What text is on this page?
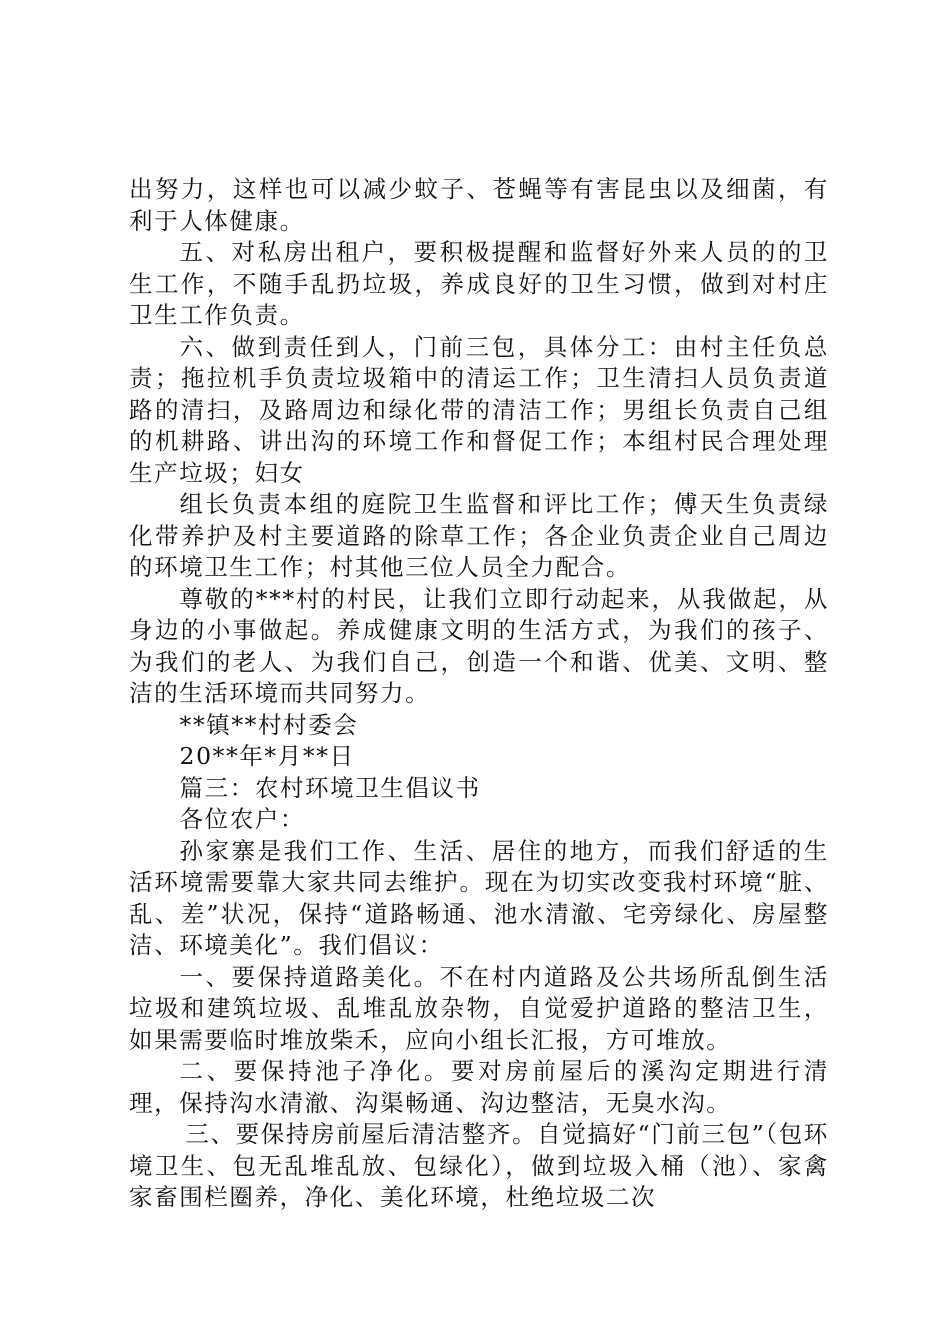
出努力，这样也可以减少蚊子、苍蝇等有害昆虫以及细菌，有利于人体健康。

五、对私房出租户，要积极提醒和监督好外来人员的的卫生工作，不随手乱扔垃圾，养成良好的卫生习惯，做到对村庄卫生工作负责。

六、做到责任到人，门前三包，具体分工：由村主任负总责；拖拉机手负责垃圾箱中的清运工作；卫生清扫人员负责道路的清扫，及路周边和绿化带的清洁工作；男组长负责自己组的机耕路、讲出沟的环境工作和督促工作；本组村民合理处理生产垃圾；妇女

组长负责本组的庭院卫生监督和评比工作；傅天生负责绿化带养护及村主要道路的除草工作；各企业负责企业自己周边的环境卫生工作；村其他三位人员全力配合。

尊敬的***村的村民，让我们立即行动起来，从我做起，从身边的小事做起。养成健康文明的生活方式，为我们的孩子、为我们的老人、为我们自己，创造一个和谐、优美、文明、整洁的生活环境而共同努力。

**镇**村村委会

20**年*月**日

篇三：农村环境卫生倡议书

各位农户：

孙家寨是我们工作、生活、居住的地方，而我们舒适的生活环境需要靠大家共同去维护。现在为切实改变我村环境“脏、乱、差”状况，保持“道路畅通、池水清澈、宅旁绿化、房屋整洁、环境美化”。我们倡议：

一、要保持道路美化。不在村内道路及公共场所乱倒生活垃圾和建筑垃圾、乱堆乱放杂物，自觉爱护道路的整洁卫生，如果需要临时堆放柴禾，应向小组长汇报，方可堆放。

二、要保持池子净化。要对房前屋后的溪沟定期进行清理，保持沟水清澈、沟渠畅通、沟边整洁，无臭水沟。

三、要保持房前屋后清洁整齐。自觉搞好“门前三包”（包环境卫生、包无乱堆乱放、包绿化），做到垃圾入桶（池）、家禽家畜围栏圈养，净化、美化环境，杜绝垃圾二次
